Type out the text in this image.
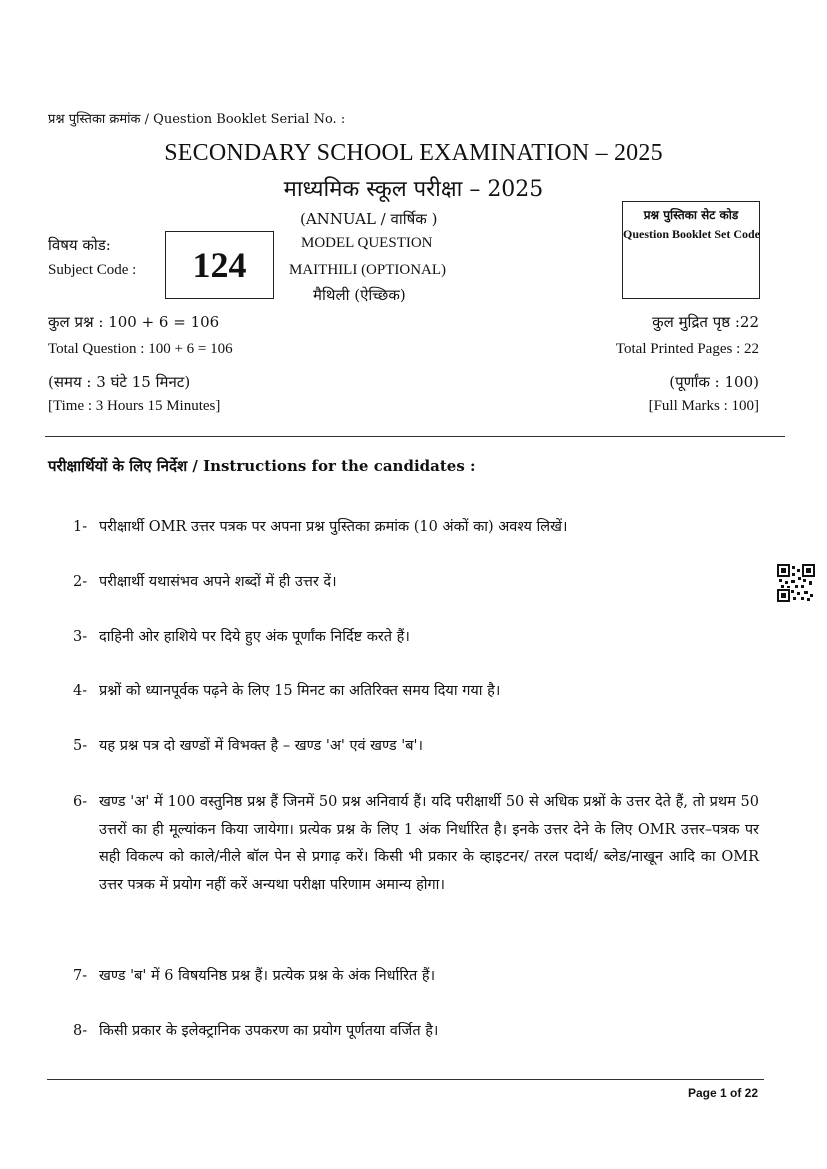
प्रश्न पुस्तिका क्रमांक / Question Booklet Serial No. :
SECONDARY SCHOOL EXAMINATION – 2025
माध्यमिक स्कूल परीक्षा – 2025
(ANNUAL / वार्षिक )
MODEL QUESTION
MAITHILI (OPTIONAL)
मैथिली (ऐच्छिक)
विषय कोड:
Subject Code : 124
प्रश्न पुस्तिका सेट कोड
Question Booklet Set Code
कुल प्रश्न : 100 + 6 = 106
Total Question : 100 + 6 = 106
कुल मुद्रित पृष्ठ :22
Total Printed Pages : 22
(समय : 3 घंटे 15 मिनट)
[Time : 3 Hours 15 Minutes]
(पूर्णांक : 100)
[Full Marks : 100]
परीक्षार्थियों के लिए निर्देश / Instructions for the candidates :
1- परीक्षार्थी OMR उत्तर पत्रक पर अपना प्रश्न पुस्तिका क्रमांक (10 अंकों का) अवश्य लिखें।
2- परीक्षार्थी यथासंभव अपने शब्दों में ही उत्तर दें।
3- दाहिनी ओर हाशिये पर दिये हुए अंक पूर्णांक निर्दिष्ट करते हैं।
4- प्रश्नों को ध्यानपूर्वक पढ़ने के लिए 15 मिनट का अतिरिक्त समय दिया गया है।
5- यह प्रश्न पत्र दो खण्डों में विभक्त है – खण्ड 'अ' एवं खण्ड 'ब'।
6- खण्ड 'अ' में 100 वस्तुनिष्ठ प्रश्न हैं जिनमें 50 प्रश्न अनिवार्य हैं। यदि परीक्षार्थी 50 से अधिक प्रश्नों के उत्तर देते हैं, तो प्रथम 50 उत्तरों का ही मूल्यांकन किया जायेगा। प्रत्येक प्रश्न के लिए 1 अंक निर्धारित है। इनके उत्तर देने के लिए OMR उत्तर–पत्रक पर सही विकल्प को काले/नीले बॉल पेन से प्रगाढ़ करें। किसी भी प्रकार के व्हाइटनर/ तरल पदार्थ/ ब्लेड/नाखून आदि का OMR उत्तर पत्रक में प्रयोग नहीं करें अन्यथा परीक्षा परिणाम अमान्य होगा।
7- खण्ड 'ब' में 6 विषयनिष्ठ प्रश्न हैं। प्रत्येक प्रश्न के अंक निर्धारित हैं।
8- किसी प्रकार के इलेक्ट्रानिक उपकरण का प्रयोग पूर्णतया वर्जित है।
Page 1 of 22
